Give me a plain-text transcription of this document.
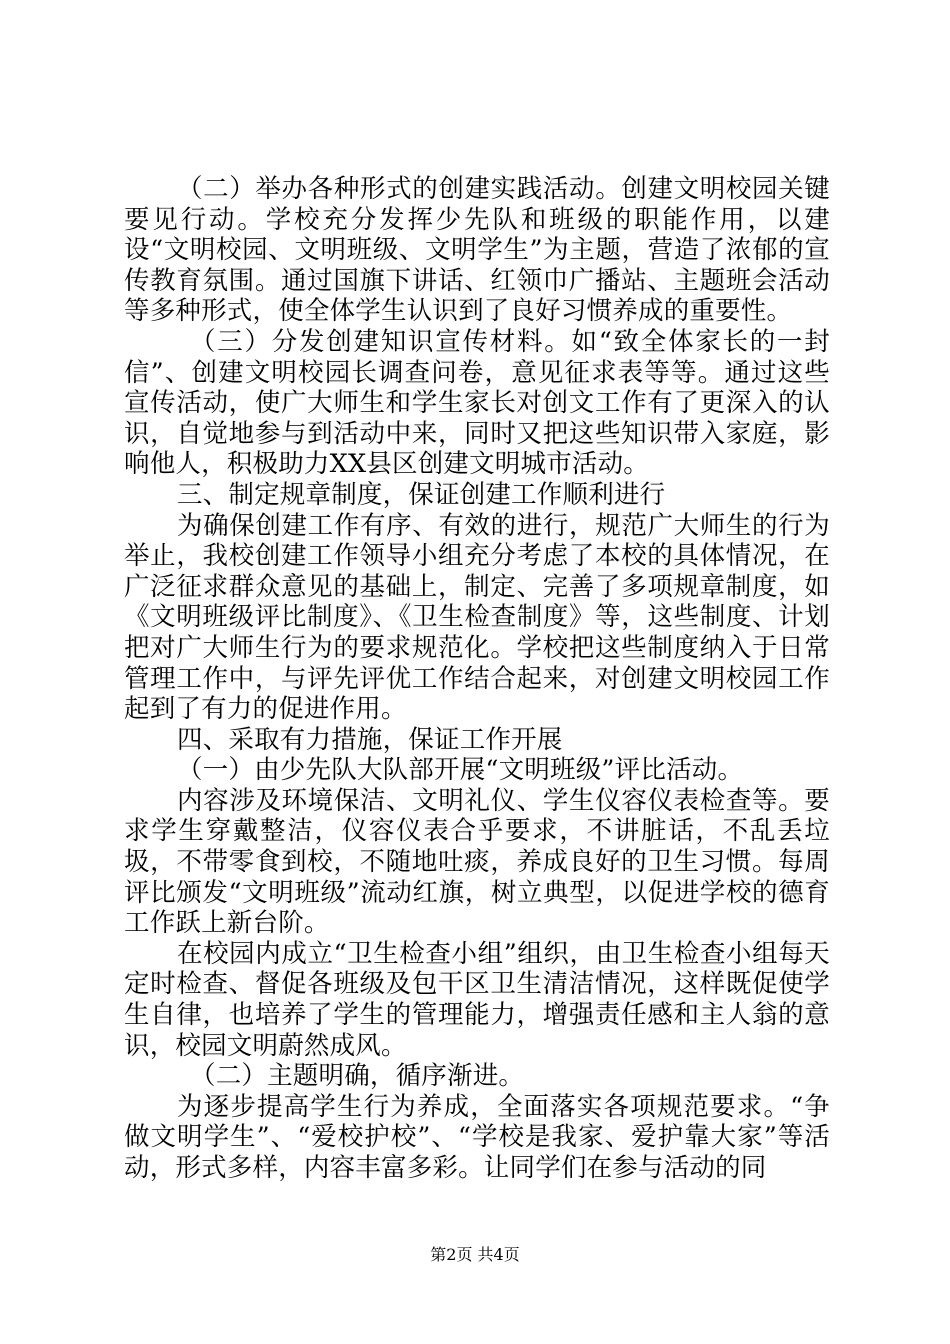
（二）举办各种形式的创建实践活动。创建文明校园关键要见行动。学校充分发挥少先队和班级的职能作用，以建设“文明校园、文明班级、文明学生”为主题，营造了浓郁的宣传教育氛围。通过国旗下讲话、红领巾广播站、主题班会活动等多种形式，使全体学生认识到了良好习惯养成的重要性。

（三）分发创建知识宣传材料。如“致全体家长的一封信”、创建文明校园长调查问卷，意见征求表等等。通过这些宣传活动，使广大师生和学生家长对创文工作有了更深入的认识，自觉地参与到活动中来，同时又把这些知识带入家庭，影响他人，积极助力XX县区创建文明城市活动。

三、制定规章制度，保证创建工作顺利进行

为确保创建工作有序、有效的进行，规范广大师生的行为举止，我校创建工作领导小组充分考虑了本校的具体情况，在广泛征求群众意见的基础上，制定、完善了多项规章制度，如《文明班级评比制度》、《卫生检查制度》等，这些制度、计划把对广大师生行为的要求规范化。学校把这些制度纳入于日常管理工作中，与评先评优工作结合起来，对创建文明校园工作起到了有力的促进作用。

四、采取有力措施，保证工作开展

（一）由少先队大队部开展“文明班级”评比活动。

内容涉及环境保洁、文明礼仪、学生仪容仪表检查等。要求学生穿戴整洁，仪容仪表合乎要求，不讲脏话，不乱丢垃圾，不带零食到校，不随地吐痰，养成良好的卫生习惯。每周评比颁发“文明班级”流动红旗，树立典型，以促进学校的德育工作跃上新台阶。

在校园内成立“卫生检查小组”组织，由卫生检查小组每天定时检查、督促各班级及包干区卫生清洁情况，这样既促使学生自律，也培养了学生的管理能力，增强责任感和主人翁的意识，校园文明蔚然成风。

（二）主题明确，循序渐进。

为逐步提高学生行为养成，全面落实各项规范要求。“争做文明学生”、“爱校护校”、“学校是我家、爱护靠大家”等活动，形式多样，内容丰富多彩。让同学们在参与活动的同

第2页 共4页
